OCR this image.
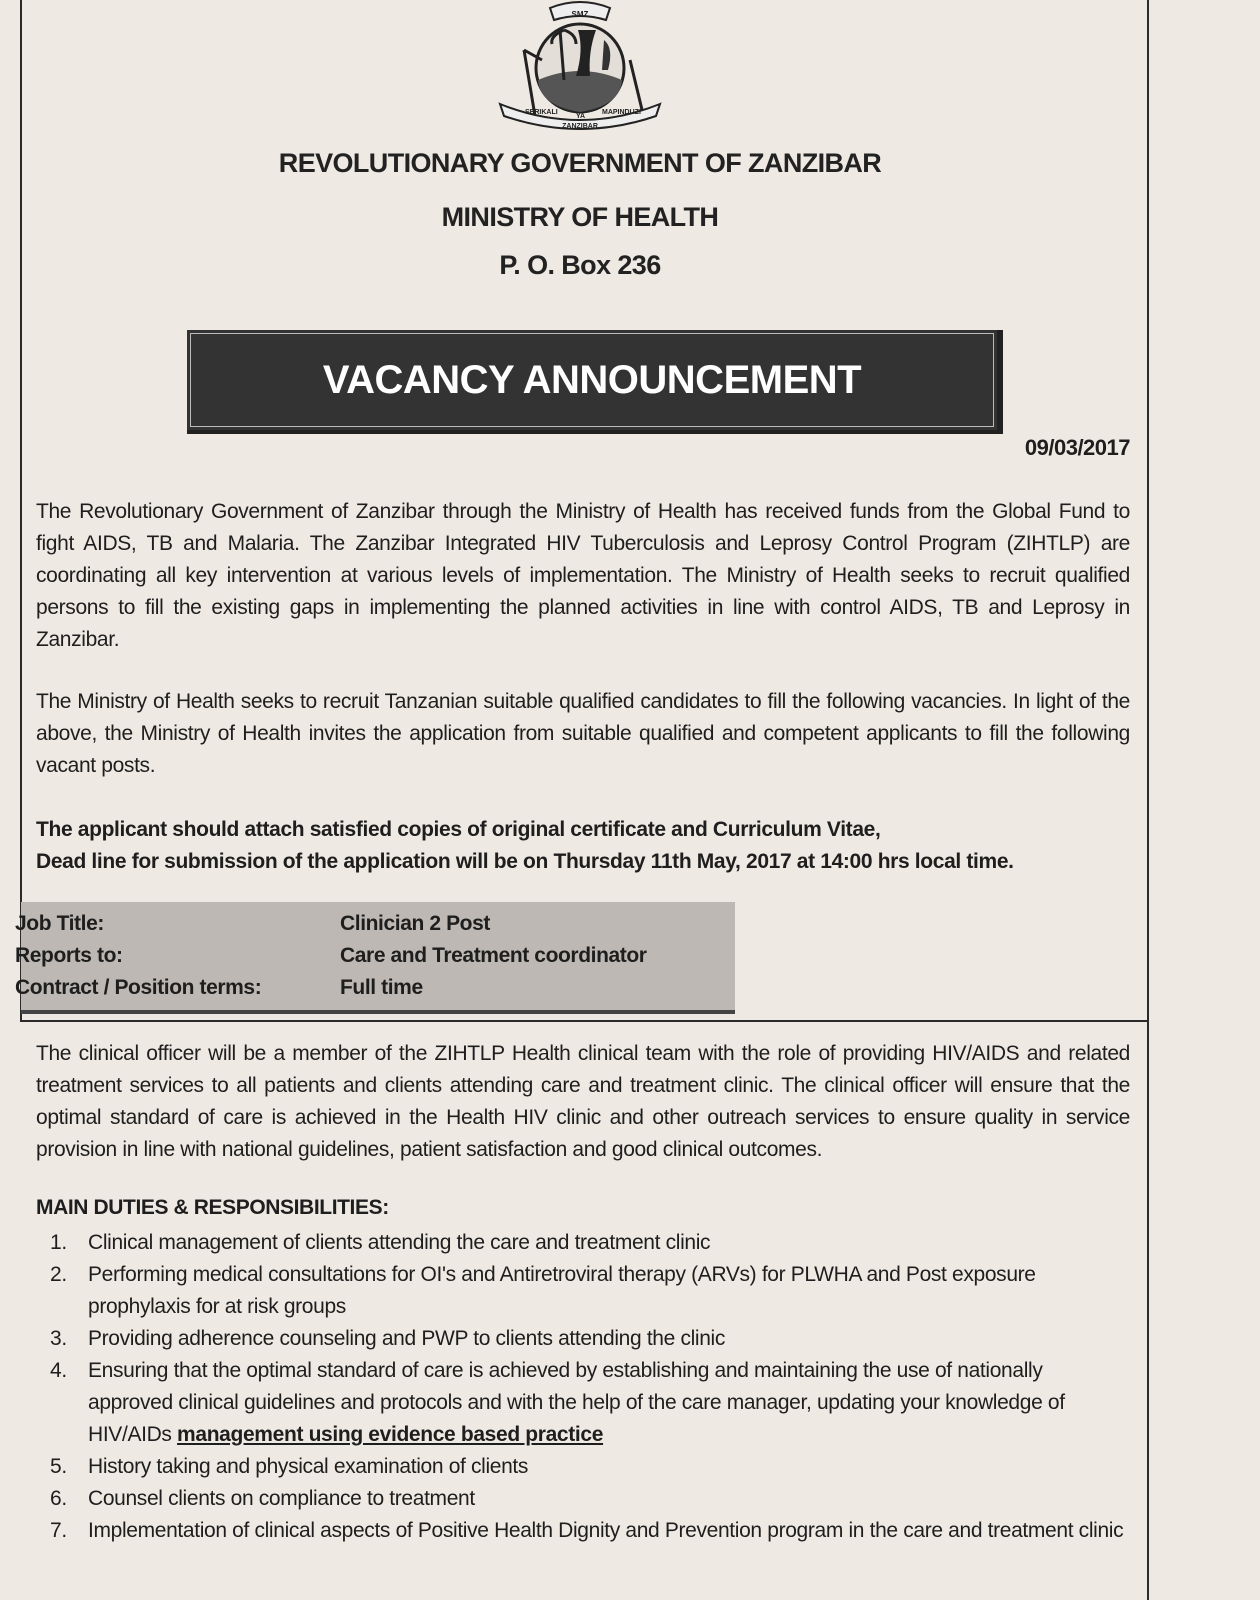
SMZ
SERIKALI
YA
MAPINDUZI
ZANZIBAR
REVOLUTIONARY GOVERNMENT OF ZANZIBAR
MINISTRY OF HEALTH
P. O. Box 236
VACANCY ANNOUNCEMENT
09/03/2017

The Revolutionary Government of Zanzibar through the Ministry of Health has received funds from the Global Fund to fight AIDS, TB and Malaria. The Zanzibar Integrated HIV Tuberculosis and Leprosy Control Program (ZIHTLP) are coordinating all key intervention at various levels of implementation. The Ministry of Health seeks to recruit qualified persons to fill the existing gaps in implementing the planned activities in line with control AIDS, TB and Leprosy in Zanzibar.

The Ministry of Health seeks to recruit Tanzanian suitable qualified candidates to fill the following vacancies. In light of the above, the Ministry of Health invites the application from suitable qualified and competent applicants to fill the following vacant posts.

The applicant should attach satisfied copies of original certificate and Curriculum Vitae,

Dead line for submission of the application will be on Thursday 11th May, 2017 at 14:00 hrs local time.

Job Title:	Clinician 2 Post
Reports to:	Care and Treatment coordinator
Contract / Position terms:	Full time

The clinical officer will be a member of the ZIHTLP Health clinical team with the role of providing HIV/AIDS and related treatment services to all patients and clients attending care and treatment clinic. The clinical officer will ensure that the optimal standard of care is achieved in the Health HIV clinic and other outreach services to ensure quality in service provision in line with national guidelines, patient satisfaction and good clinical outcomes.

MAIN DUTIES & RESPONSIBILITIES:
1. Clinical management of clients attending the care and treatment clinic
2. Performing medical consultations for OI's and Antiretroviral therapy (ARVs) for PLWHA and Post exposure prophylaxis for at risk groups
3. Providing adherence counseling and PWP to clients attending the clinic
4. Ensuring that the optimal standard of care is achieved by establishing and maintaining the use of nationally approved clinical guidelines and protocols and with the help of the care manager, updating your knowledge of HIV/AIDs management using evidence based practice
5. History taking and physical examination of clients
6. Counsel clients on compliance to treatment
7. Implementation of clinical aspects of Positive Health Dignity and Prevention program in the care and treatment clinic
